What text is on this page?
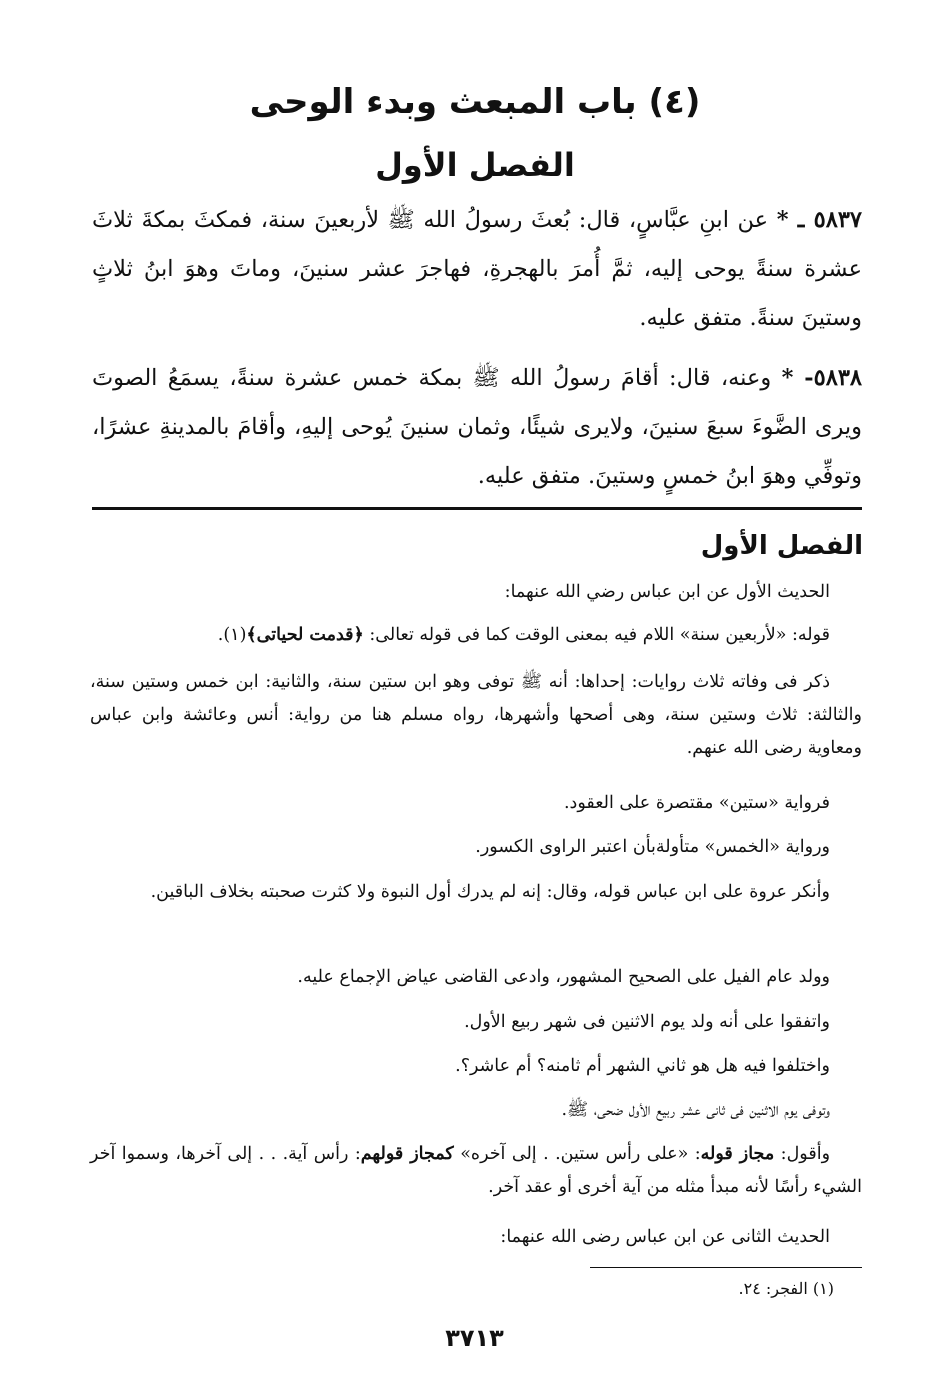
(٤) باب المبعث وبدء الوحى
الفصل الأول
٥٨٣٧ ـ * عن ابنِ عبَّاسٍ، قال: بُعثَ رسولُ الله ﷺ لأربعينَ سنة، فمكثَ بمكةَ ثلاثَ عشرة سنةً يوحى إليه، ثمَّ أُمرَ بالهجرةِ، فهاجرَ عشر سنينَ، وماتَ وهوَ ابنُ ثلاثٍ وستينَ سنةً. متفق عليه.
٥٨٣٨- * وعنه، قال: أقامَ رسولُ الله ﷺ بمكة خمس عشرة سنةً، يسمَعُ الصوتَ ويرى الضَّوءَ سبعَ سنينَ، ولايرى شيئًا، وثمان سنينَ يُوحى إليهِ، وأقامَ بالمدينةِ عشرًا، وتوفِّي وهوَ ابنُ خمسٍ وستينَ. متفق عليه.
الفصل الأول
الحديث الأول عن ابن عباس رضي الله عنهما:
قوله: «لأربعين سنة» اللام فيه بمعنى الوقت كما فى قوله تعالى: ﴿قدمت لحياتى﴾(١).
ذكر فى وفاته ثلاث روايات: إحداها: أنه ﷺ توفى وهو ابن ستين سنة، والثانية: ابن خمس وستين سنة، والثالثة: ثلاث وستين سنة، وهى أصحها وأشهرها، رواه مسلم هنا من رواية: أنس وعائشة وابن عباس ومعاوية رضى الله عنهم.
فرواية «ستين» مقتصرة على العقود.
ورواية «الخمس» متأولةبأن اعتبر الراوى الكسور.
وأنكر عروة على ابن عباس قوله، وقال: إنه لم يدرك أول النبوة ولا كثرت صحبته بخلاف الباقين.
وولد عام الفيل على الصحيح المشهور، وادعى القاضى عياض الإجماع عليه.
واتفقوا على أنه ولد يوم الاثنين فى شهر ربيع الأول.
واختلفوا فيه هل هو ثاني الشهر أم ثامنه؟ أم عاشر؟.
وتوفى يوم الاثنين فى ثانى عشر ربيع الأول ضحى، ﷺ.
وأقول: مجاز قوله: «على رأس ستين. . إلى آخره» كمجاز قولهم: رأس آية. . . إلى آخرها، وسموا آخر الشيء رأسًا لأنه مبدأ مثله من آية أخرى أو عقد آخر.
الحديث الثانى عن ابن عباس رضى الله عنهما:
(١) الفجر: ٢٤.
٣٧١٣
